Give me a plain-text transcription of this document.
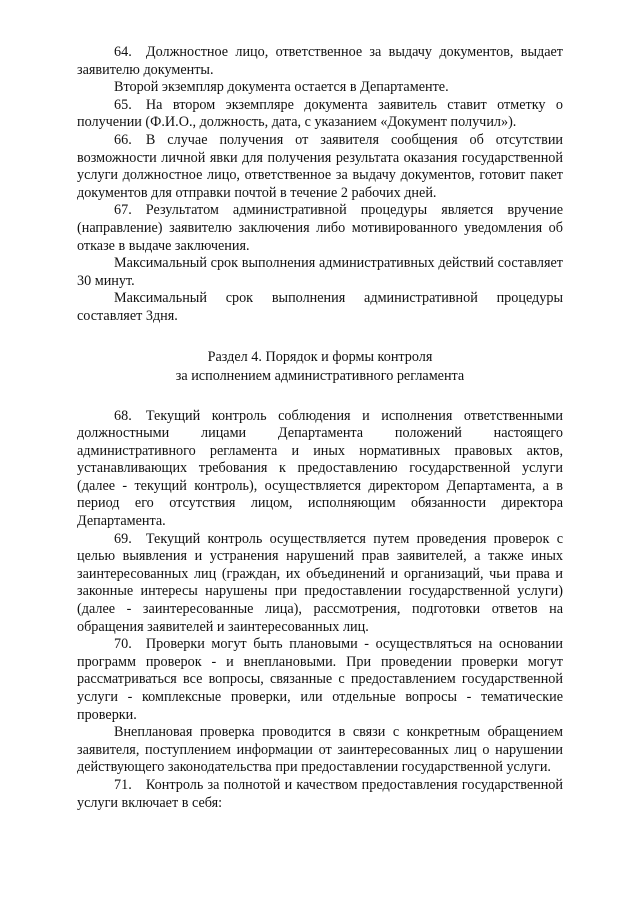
64. Должностное лицо, ответственное за выдачу документов, выдает заявителю документы.

Второй экземпляр документа остается в Департаменте.

65. На втором экземпляре документа заявитель ставит отметку о получении (Ф.И.О., должность, дата, с указанием «Документ получил»).

66. В случае получения от заявителя сообщения об отсутствии возможности личной явки для получения результата оказания государственной услуги должностное лицо, ответственное за выдачу документов, готовит пакет документов для отправки почтой в течение 2 рабочих дней.

67. Результатом административной процедуры является вручение (направление) заявителю заключения либо мотивированного уведомления об отказе в выдаче заключения.

Максимальный срок выполнения административных действий составляет 30 минут.

Максимальный срок выполнения административной процедуры составляет 3дня.

Раздел 4. Порядок и формы контроля
за исполнением административного регламента

68. Текущий контроль соблюдения и исполнения ответственными должностными лицами Департамента положений настоящего административного регламента и иных нормативных правовых актов, устанавливающих требования к предоставлению государственной услуги (далее - текущий контроль), осуществляется директором Департамента, а в период его отсутствия лицом, исполняющим обязанности директора Департамента.

69. Текущий контроль осуществляется путем проведения проверок с целью выявления и устранения нарушений прав заявителей, а также иных заинтересованных лиц (граждан, их объединений и организаций, чьи права и законные интересы нарушены при предоставлении государственной услуги) (далее - заинтересованные лица), рассмотрения, подготовки ответов на обращения заявителей и заинтересованных лиц.

70. Проверки могут быть плановыми - осуществляться на основании программ проверок - и внеплановыми. При проведении проверки могут рассматриваться все вопросы, связанные с предоставлением государственной услуги - комплексные проверки, или отдельные вопросы - тематические проверки.

Внеплановая проверка проводится в связи с конкретным обращением заявителя, поступлением информации от заинтересованных лиц о нарушении действующего законодательства при предоставлении государственной услуги.

71. Контроль за полнотой и качеством предоставления государственной услуги включает в себя:
